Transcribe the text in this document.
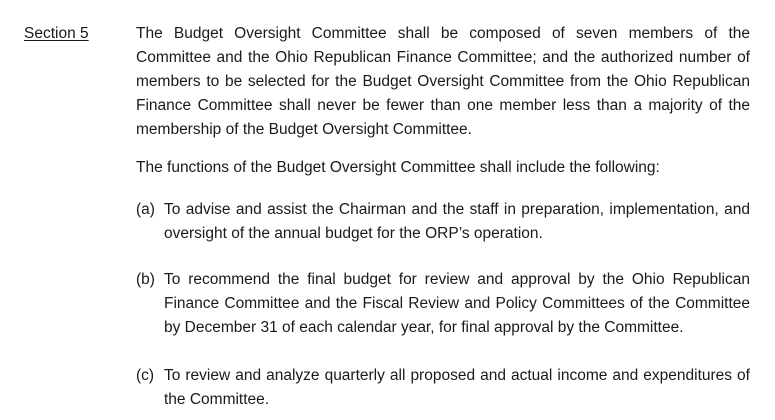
Section 5	The Budget Oversight Committee shall be composed of seven members of the Committee and the Ohio Republican Finance Committee; and the authorized number of members to be selected for the Budget Oversight Committee from the Ohio Republican Finance Committee shall never be fewer than one member less than a majority of the membership of the Budget Oversight Committee.

The functions of the Budget Oversight Committee shall include the following:

(a) To advise and assist the Chairman and the staff in preparation, implementation, and oversight of the annual budget for the ORP’s operation.
(b) To recommend the final budget for review and approval by the Ohio Republican Finance Committee and the Fiscal Review and Policy Committees of the Committee by December 31 of each calendar year, for final approval by the Committee.
(c) To review and analyze quarterly all proposed and actual income and expenditures of the Committee.
